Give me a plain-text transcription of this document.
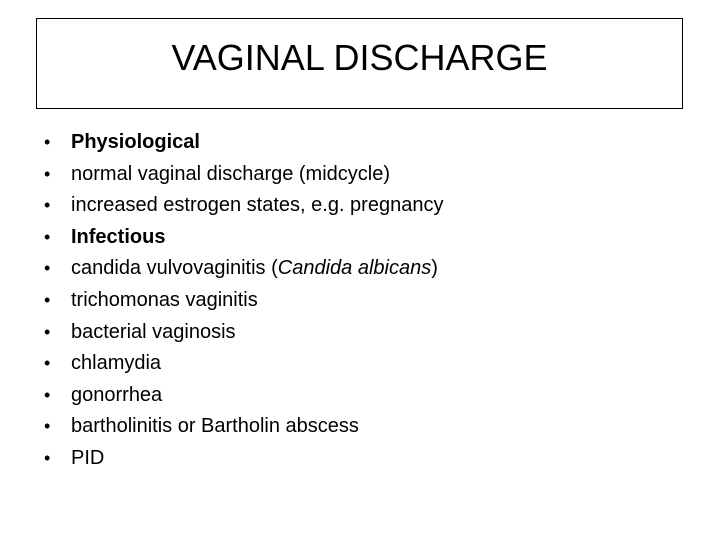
VAGINAL DISCHARGE
• Physiological
• normal vaginal discharge (midcycle)
• increased estrogen states, e.g. pregnancy
• Infectious
• candida vulvovaginitis (Candida albicans)
• trichomonas vaginitis
• bacterial vaginosis
• chlamydia
• gonorrhea
• bartholinitis or Bartholin abscess
• PID
